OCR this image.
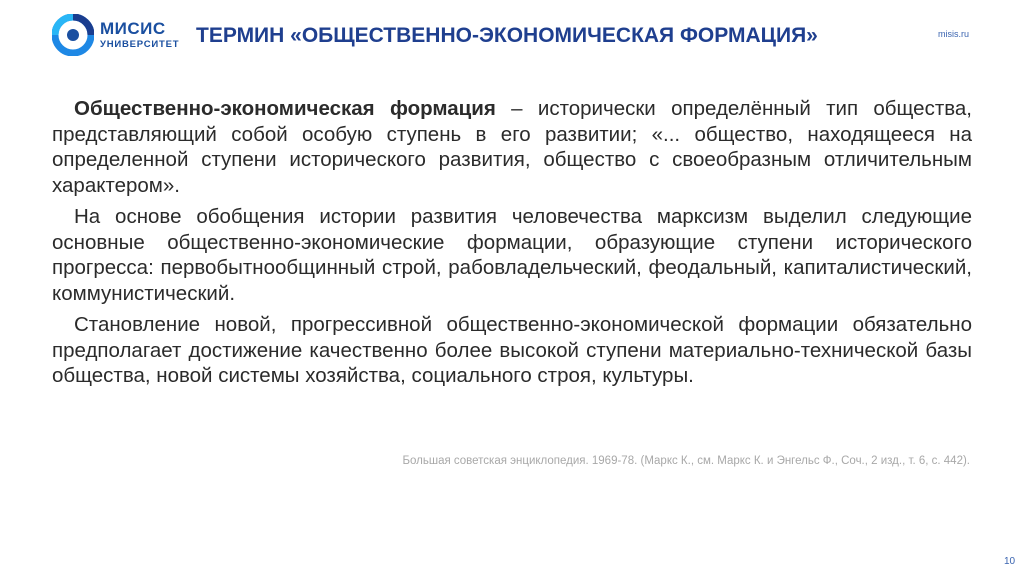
МИСИС
УНИВЕРСИТЕТ ТЕРМИН «ОБЩЕСТВЕННО-ЭКОНОМИЧЕСКАЯ ФОРМАЦИЯ»	misis.ru

Общественно-экономическая формация – исторически определённый тип общества, представляющий собой особую ступень в его развитии; «... общество, находящееся на определенной ступени исторического развития, общество с своеобразным отличительным характером».

На основе обобщения истории развития человечества марксизм выделил следующие основные общественно-экономические формации, образующие ступени исторического прогресса: первобытнообщинный строй, рабовладельческий, феодальный, капиталистический, коммунистический.

Становление новой, прогрессивной общественно-экономической формации обязательно предполагает достижение качественно более высокой ступени материально-технической базы общества, новой системы хозяйства, социального строя, культуры.

Большая советская энциклопедия. 1969-78. (Маркс К., см. Маркс К. и Энгельс Ф., Соч., 2 изд., т. 6, с. 442).
10
